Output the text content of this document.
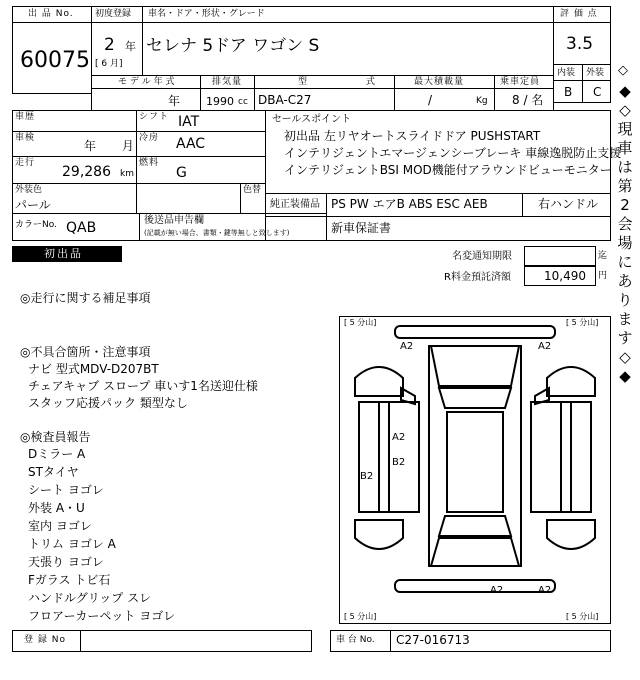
出 品 No.
60075
初度登録
2 年
[ 6 月]
車名・ドア・形状・グレード
セレナ 5ドア ワゴン S
評 価 点
3.5
内装 外装
B C
モ デ ル 年 式
年
排気量
1990 cc
型 式
DBA-C27
最大積載量
/	Kg
乗車定員
8 / 名
車歴	シフト IAT
車検
年 月
冷房 AAC
走行
29,286 km
燃料
G
外装色
パール
色替
カラーNo. QAB	後送品申告欄
(記載が無い場合、書類・鍵等無しと致します)
セールスポイント
初出品 左リヤオートスライドドア PUSHSTART
インテリジェントエマージェンシーブレーキ 車線逸脱防止支援
インテリジェントBSI MOD機能付アラウンドビューモニター
純正装備品 PS PW エアB ABS ESC AEB	右ハンドル
新車保証書
初出品	名変通知期限	迄
R料金預託済額	10,490 円
◎走行に関する補足事項
◎不具合箇所・注意事項
ナビ 型式MDV-D207BT
チェアキャブ スロープ 車いす1名送迎仕様
スタッフ応援パック 類型なし
◎検査員報告
Dミラー A
STタイヤ
シート ヨゴレ
外装 A・U
室内 ヨゴレ
トリム ヨゴレ A
天張り ヨゴレ
Fガラス トビ石
ハンドルグリップ スレ
フロアーカーペット ヨゴレ
[ 5 分山]	[ 5 分山]
[ 5 分山]	[ 5 分山]
A2	A2
A2
B2
B2
A2	A2
登 録 No	車 台 No. C27-016713
◆
◇
現
車
は
第
2
会
場
に
あ
り
ま
す
◇
◆
◇
